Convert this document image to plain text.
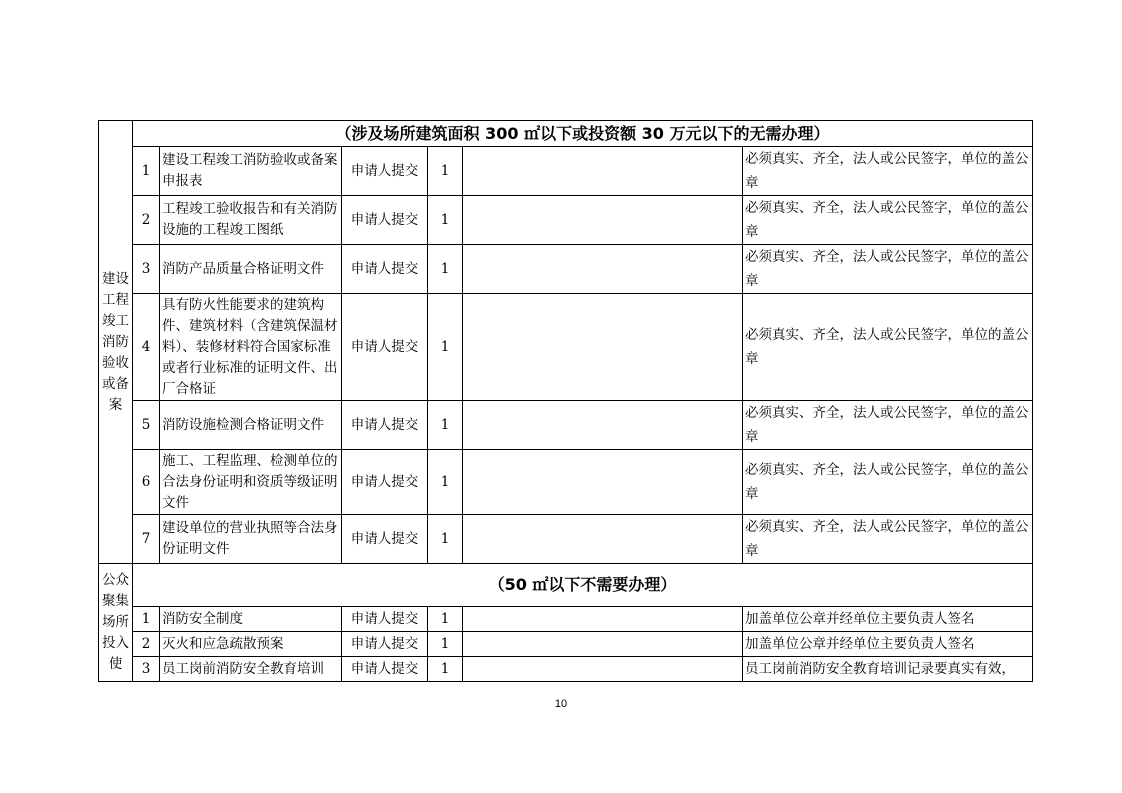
建设工程竣工消防验收或备案	（涉及场所建筑面积 300 ㎡以下或投资额 30 万元以下的无需办理）					
	1	建设工程竣工消防验收或备案申报表	申请人提交	1		必须真实、齐全，法人或公民签字，单位的盖公章
	2	工程竣工验收报告和有关消防设施的工程竣工图纸	申请人提交	1		必须真实、齐全，法人或公民签字，单位的盖公章
	3	消防产品质量合格证明文件	申请人提交	1		必须真实、齐全，法人或公民签字，单位的盖公章
	4	具有防火性能要求的建筑构件、建筑材料（含建筑保温材料）、装修材料符合国家标准或者行业标准的证明文件、出厂合格证	申请人提交	1		必须真实、齐全，法人或公民签字，单位的盖公章
	5	消防设施检测合格证明文件	申请人提交	1		必须真实、齐全，法人或公民签字，单位的盖公章
	6	施工、工程监理、检测单位的合法身份证明和资质等级证明文件	申请人提交	1		必须真实、齐全，法人或公民签字，单位的盖公章
	7	建设单位的营业执照等合法身份证明文件	申请人提交	1		必须真实、齐全，法人或公民签字，单位的盖公章

公众聚集场所投入使	（50 ㎡以下不需要办理）					
	1	消防安全制度	申请人提交	1		加盖单位公章并经单位主要负责人签名
	2	灭火和应急疏散预案	申请人提交	1		加盖单位公章并经单位主要负责人签名
	3	员工岗前消防安全教育培训	申请人提交	1		员工岗前消防安全教育培训记录要真实有效，
10
